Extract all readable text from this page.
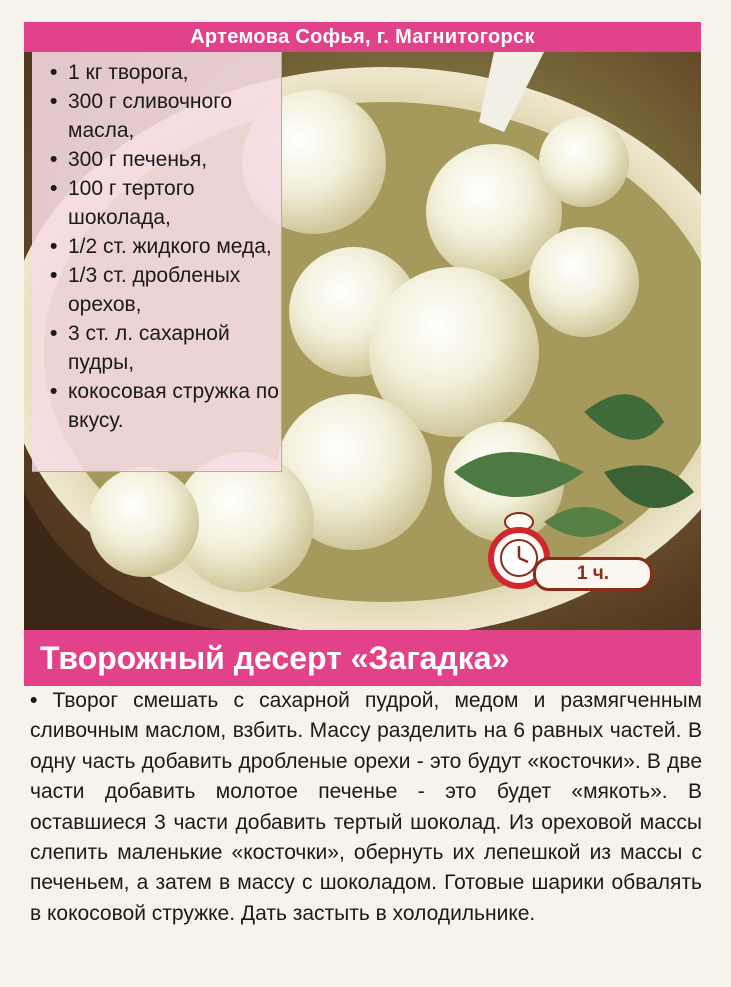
Артемова Софья, г. Магнитогорск
• 1 кг творога,
• 300 г сливочного масла,
• 300 г печенья,
• 100 г тертого шоколада,
• 1/2 ст. жидкого меда,
• 1/3 ст. дробленых орехов,
• 3 ст. л. сахарной пудры,
• кокосовая стружка по вкусу.
1 ч.
Творожный десерт «Загадка»
• Творог смешать с сахарной пудрой, медом и размягченным сливочным маслом, взбить. Массу разделить на 6 равных частей. В одну часть добавить дробленые орехи - это будут «косточки». В две части добавить молотое печенье - это будет «мякоть». В оставшиеся 3 части добавить тертый шоколад. Из ореховой массы слепить маленькие «косточки», обернуть их лепешкой из массы с печеньем, а затем в массу с шоколадом. Готовые шарики обвалять в кокосовой стружке. Дать застыть в холодильнике.
